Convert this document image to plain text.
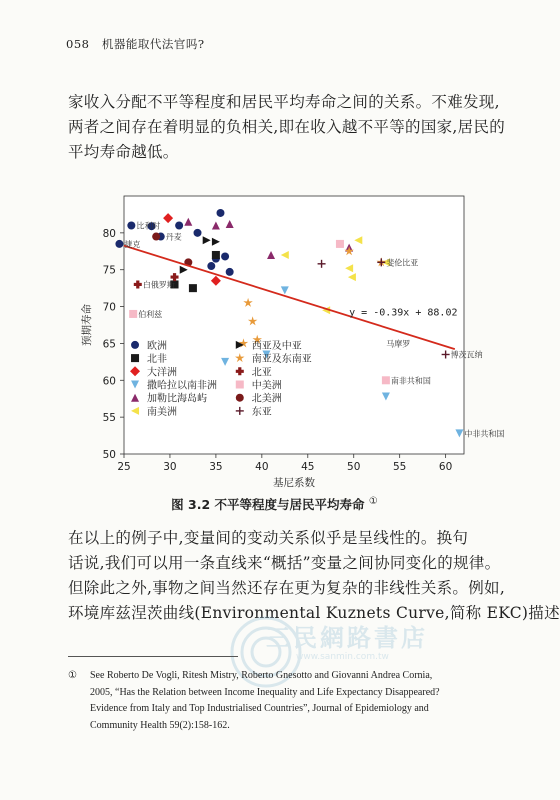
058 机器能取代法官吗?
家收入分配不平等程度和居民平均寿命之间的关系。不难发现,
两者之间存在着明显的负相关,即在收入越不平等的国家,居民的
平均寿命越低。
25	30	35	40	45	50	55	60
50
55
60
65
70
75
80
基尼系数
预期寿命	y = -0.39x + 88.02
比利时
丹麦
捷克
白俄罗斯
伯利兹
斐伦比亚
马摩罗
博茨瓦纳
南非共和国
中非共和国
欧洲
北非
大洋洲
撒哈拉以南非洲
加勒比海岛屿
南美洲
西亚及中亚
南亚及东南亚
北亚
中美洲
北美洲
东亚
图 3.2 不平等程度与居民平均寿命 ①
在以上的例子中,变量间的变动关系似乎是呈线性的。换句
话说,我们可以用一条直线来“概括”变量之间协同变化的规律。
但除此之外,事物之间当然还存在更为复杂的非线性关系。例如,
环境库兹涅茨曲线(Environmental Kuznets Curve,简称 EKC)描述
三民網路書店
www.sanmin.com.tw
① See Roberto De Vogli, Ritesh Mistry, Roberto Gnesotto and Giovanni Andrea Cornia,
2005, “Has the Relation between Income Inequality and Life Expectancy Disappeared?
Evidence from Italy and Top Industrialised Countries”, Journal of Epidemiology and
Community Health 59(2):158-162.
